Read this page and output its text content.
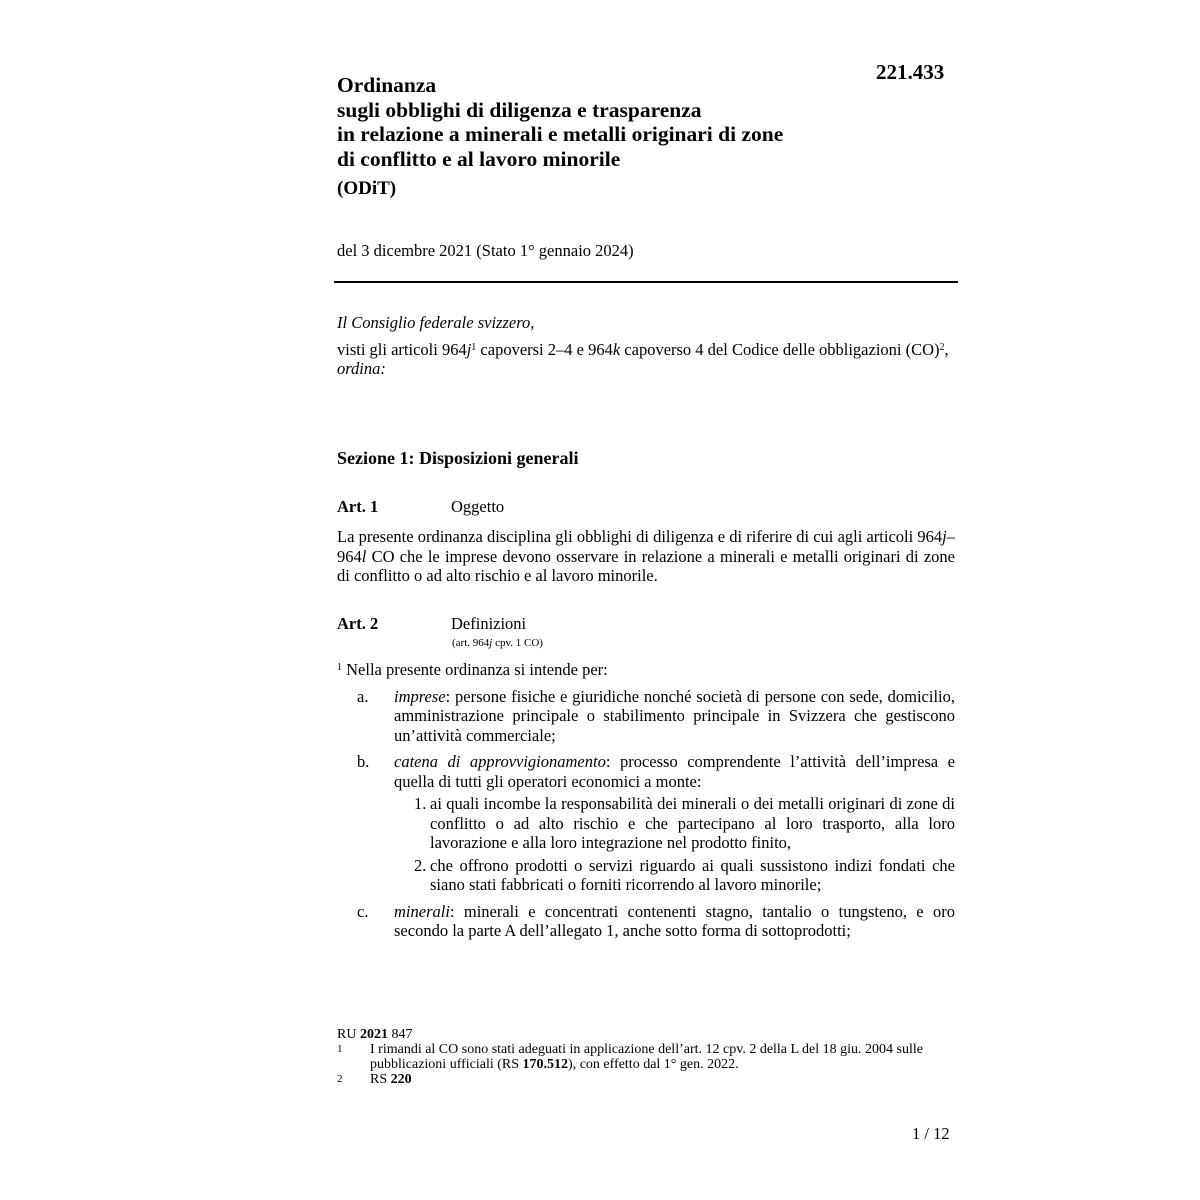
221.433
Ordinanza
sugli obblighi di diligenza e trasparenza
in relazione a minerali e metalli originari di zone
di conflitto e al lavoro minorile
(ODiT)
del 3 dicembre 2021 (Stato 1° gennaio 2024)

Il Consiglio federale svizzero,

visti gli articoli $964j^1$ capoversi 2–4 e 964k capoverso 4 del Codice delle obbligazioni (CO)$^2$,

ordina:

Sezione 1: Disposizioni generali
Art. 1	Oggetto
La presente ordinanza disciplina gli obblighi di diligenza e di riferire di cui agli articoli 964j–964l CO che le imprese devono osservare in relazione a minerali e metalli originari di zone di conflitto o ad alto rischio e al lavoro minorile.
Art. 2	Definizioni
(art. 964j cpv. 1 CO)
$^1$ Nella presente ordinanza si intende per:
a.	imprese: persone fisiche e giuridiche nonché società di persone con sede, domicilio, amministrazione principale o stabilimento principale in Svizzera che gestiscono un’attività commerciale;
b.	catena di approvvigionamento: processo comprendente l’attività dell’impresa e quella di tutti gli operatori economici a monte:
1. ai quali incombe la responsabilità dei minerali o dei metalli originari di zone di conflitto o ad alto rischio e che partecipano al loro trasporto, alla loro lavorazione e alla loro integrazione nel prodotto finito,
2. che offrono prodotti o servizi riguardo ai quali sussistono indizi fondati che siano stati fabbricati o forniti ricorrendo al lavoro minorile;
c.	minerali: minerali e concentrati contenenti stagno, tantalio o tungsteno, e oro secondo la parte A dell’allegato 1, anche sotto forma di sottoprodotti;
RU 2021 847
1	I rimandi al CO sono stati adeguati in applicazione dell’art. 12 cpv. 2 della L del 18 giu. 2004 sulle pubblicazioni ufficiali (RS 170.512), con effetto dal 1° gen. 2022.
2	RS 220
1 / 12
